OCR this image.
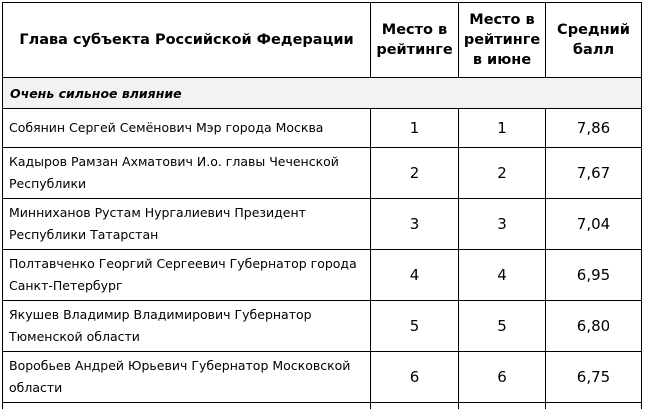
Глава субъекта Российской Федерации	Место в рейтинге	Место в рейтинге в июне	Средний балл
Очень сильное влияние			
Собянин Сергей Семёнович Мэр города Москва	1	1	7,86
Кадыров Рамзан Ахматович И.о. главы Чеченской Республики	2	2	7,67
Минниханов Рустам Нургалиевич Президент Республики Татарстан	3	3	7,04
Полтавченко Георгий Сергеевич Губернатор города Санкт-Петербург	4	4	6,95
Якушев Владимир Владимирович Губернатор Тюменской области	5	5	6,80
Воробьев Андрей Юрьевич Губернатор Московской области	6	6	6,75
